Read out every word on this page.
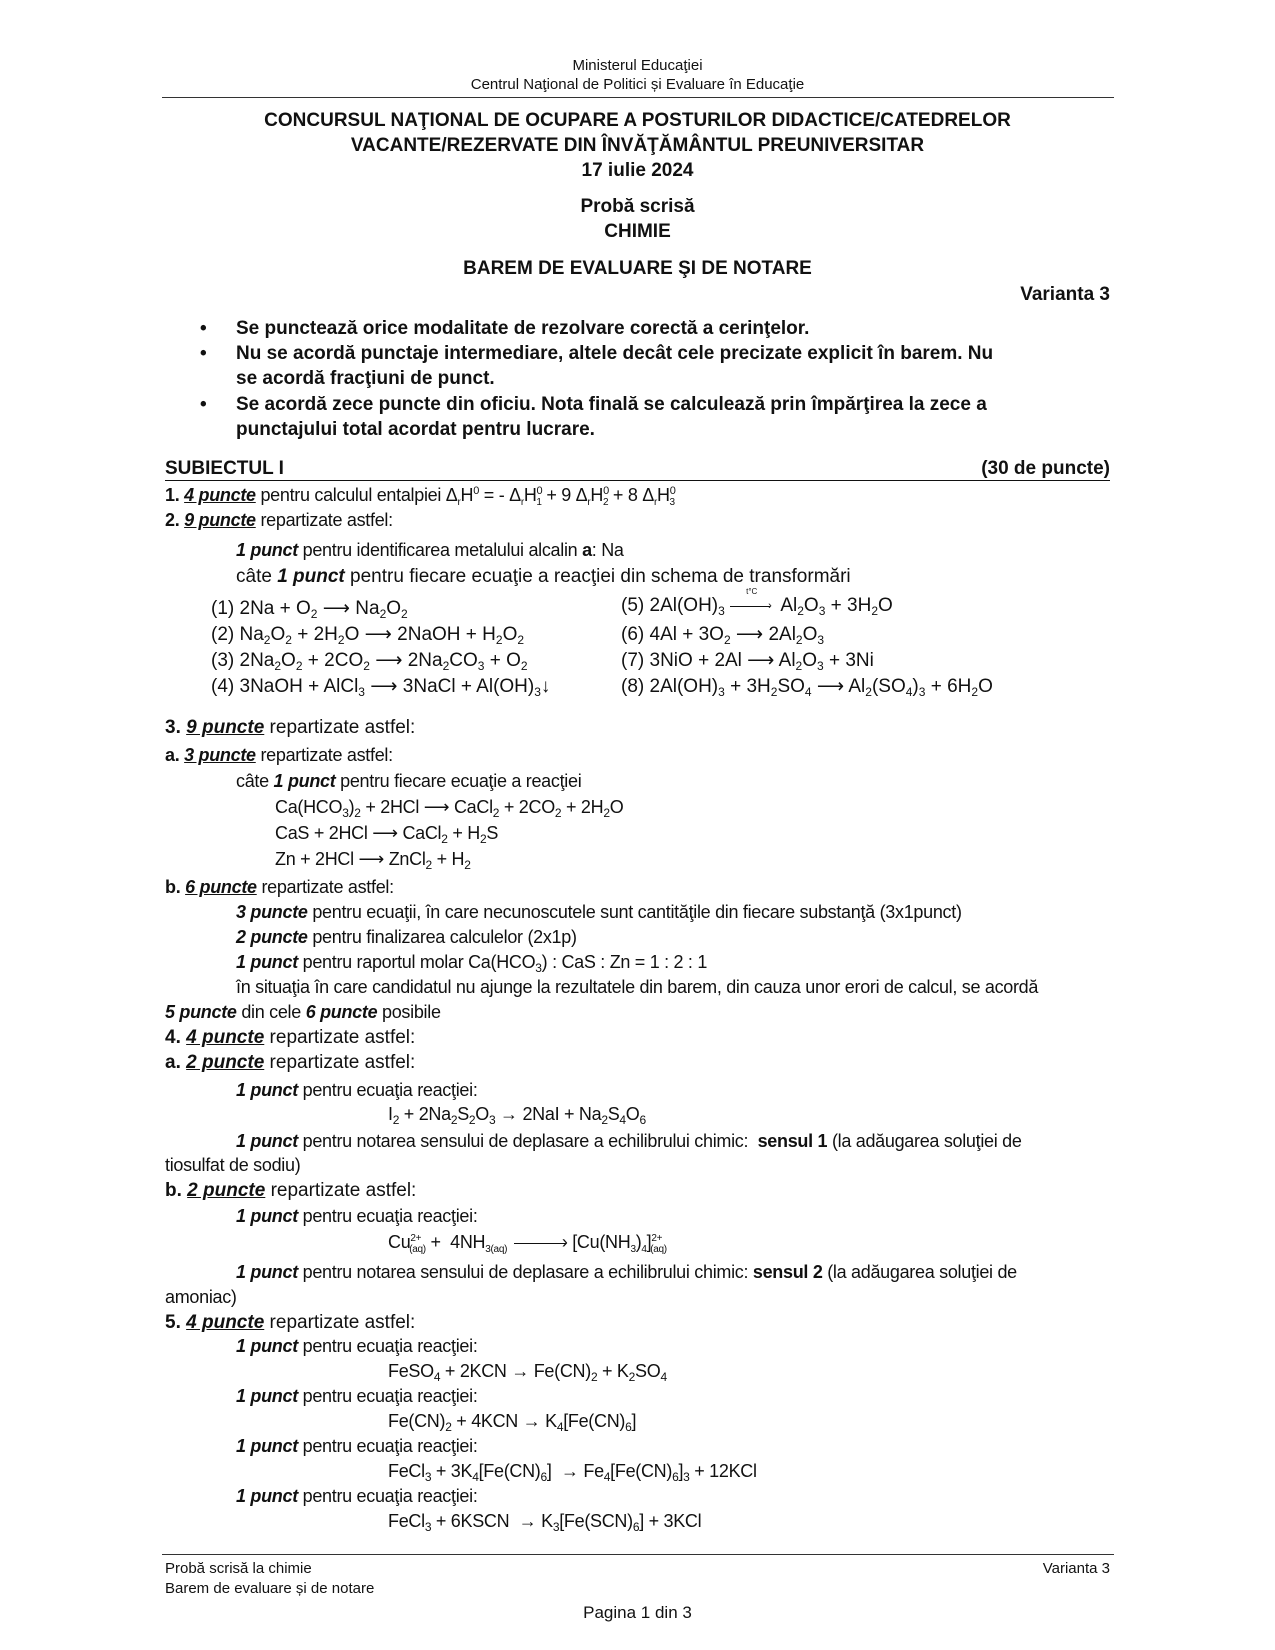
Ministerul Educaţiei
Centrul Naţional de Politici și Evaluare în Educaţie
CONCURSUL NAŢIONAL DE OCUPARE A POSTURILOR DIDACTICE/CATEDRELOR
VACANTE/REZERVATE DIN ÎNVĂŢĂMÂNTUL PREUNIVERSITAR
17 iulie 2024
Probă scrisă
CHIMIE
BAREM DE EVALUARE ŞI DE NOTARE
Varianta 3
• Se punctează orice modalitate de rezolvare corectă a cerinţelor.
• Nu se acordă punctaje intermediare, altele decât cele precizate explicit în barem. Nu
se acordă fracţiuni de punct.
• Se acordă zece puncte din oficiu. Nota finală se calculează prin împărţirea la zece a
punctajului total acordat pentru lucrare.
SUBIECTUL I	(30 de puncte)
1. 4 puncte pentru calculul entalpiei $\Delta_rH^0$ = - $\Delta_rH^0_1 + 9$ $\Delta_rH^0_2 + 8$ $\Delta_rH^0_3$
2. 9 puncte repartizate astfel:
1 punct pentru identificarea metalului alcalin a: Na
câte 1 punct pentru fiecare ecuaţie a reacţiei din schema de transformări
(1) $2Na + O_2$ ⟶ $Na_2O_2$
(2) $Na_2O_2 + 2H_2O$ ⟶ 2NaOH + $H_2O_2$
(3) $2Na_2O_2 + 2CO_2$ ⟶ $2Na_2CO_3 + O_2$
(4) 3NaOH + AlCl$_3$ ⟶ 3NaCl + $Al(OH)_3↓$
(5) $2Al(OH)_3$
t°C
› $Al_2O_3 + 3H_2O$
(6) $4Al + 3O_2$ ⟶ $2Al_2O_3$
(7) 3NiO + 2Al ⟶ $Al_2O_3 + 3Ni$
(8) $2Al(OH)_3 + 3H_2SO_4$ ⟶ $Al_2(SO_4)_3 + 6H_2O$
3. 9 puncte repartizate astfel:
a. 3 puncte repartizate astfel:
câte 1 punct pentru fiecare ecuaţie a reacţiei
$Ca(HCO_3)_2 + 2HCl$ ⟶ CaCl$_2$ + $2CO_2 + 2H_2O$
CaS + 2HCl ⟶ CaCl$_2$ + $H_2S$
Zn + 2HCl ⟶ ZnCl$_2$ + $H_2$
b. 6 puncte repartizate astfel:
3 puncte pentru ecuaţii, în care necunoscutele sunt cantităţile din fiecare substanţă (3x1punct)
2 puncte pentru finalizarea calculelor (2x1p)
1 punct pentru raportul molar $Ca(HCO_3)$ : CaS : Zn = 1 : 2 : 1
în situaţia în care candidatul nu ajunge la rezultatele din barem, din cauza unor erori de calcul, se acordă
5 puncte din cele 6 puncte posibile
4. 4 puncte repartizate astfel:
a. 2 puncte repartizate astfel:
1 punct pentru ecuaţia reacţiei:
$I_2 + 2Na_2S_2O_3 \to 2NaI + Na_2S_4O_6$
1 punct pentru notarea sensului de deplasare a echilibrului chimic: sensul 1 (la adăugarea soluţiei de
tiosulfat de sodiu)
b. 2 puncte repartizate astfel:
1 punct pentru ecuaţia reacţiei:
$Cu^{2+}_{(aq)} + 4NH_{3(aq)}$	› $[Cu(NH_3)_4]^{2+}_{(aq)}$
1 punct pentru notarea sensului de deplasare a echilibrului chimic: sensul 2 (la adăugarea soluţiei de
amoniac)
5. 4 puncte repartizate astfel:
1 punct pentru ecuaţia reacţiei:
FeSO$_4$ + $2KCN \to Fe(CN)_2 + K_2SO_4$
1 punct pentru ecuaţia reacţiei:
$Fe(CN)_2 + 4KCN \to K_4[Fe(CN)_6]$
1 punct pentru ecuaţia reacţiei:
FeCl$_3$ + $3K_4[Fe(CN)_6] \to Fe_4[Fe(CN)_6]_3 + 12KCl$
1 punct pentru ecuaţia reacţiei:
FeCl$_3$ + 6KSCN  → $K_3[Fe(SCN)_6] + 3KCl$
Probă scrisă la chimie
Barem de evaluare și de notare
Varianta 3
Pagina 1 din 3
